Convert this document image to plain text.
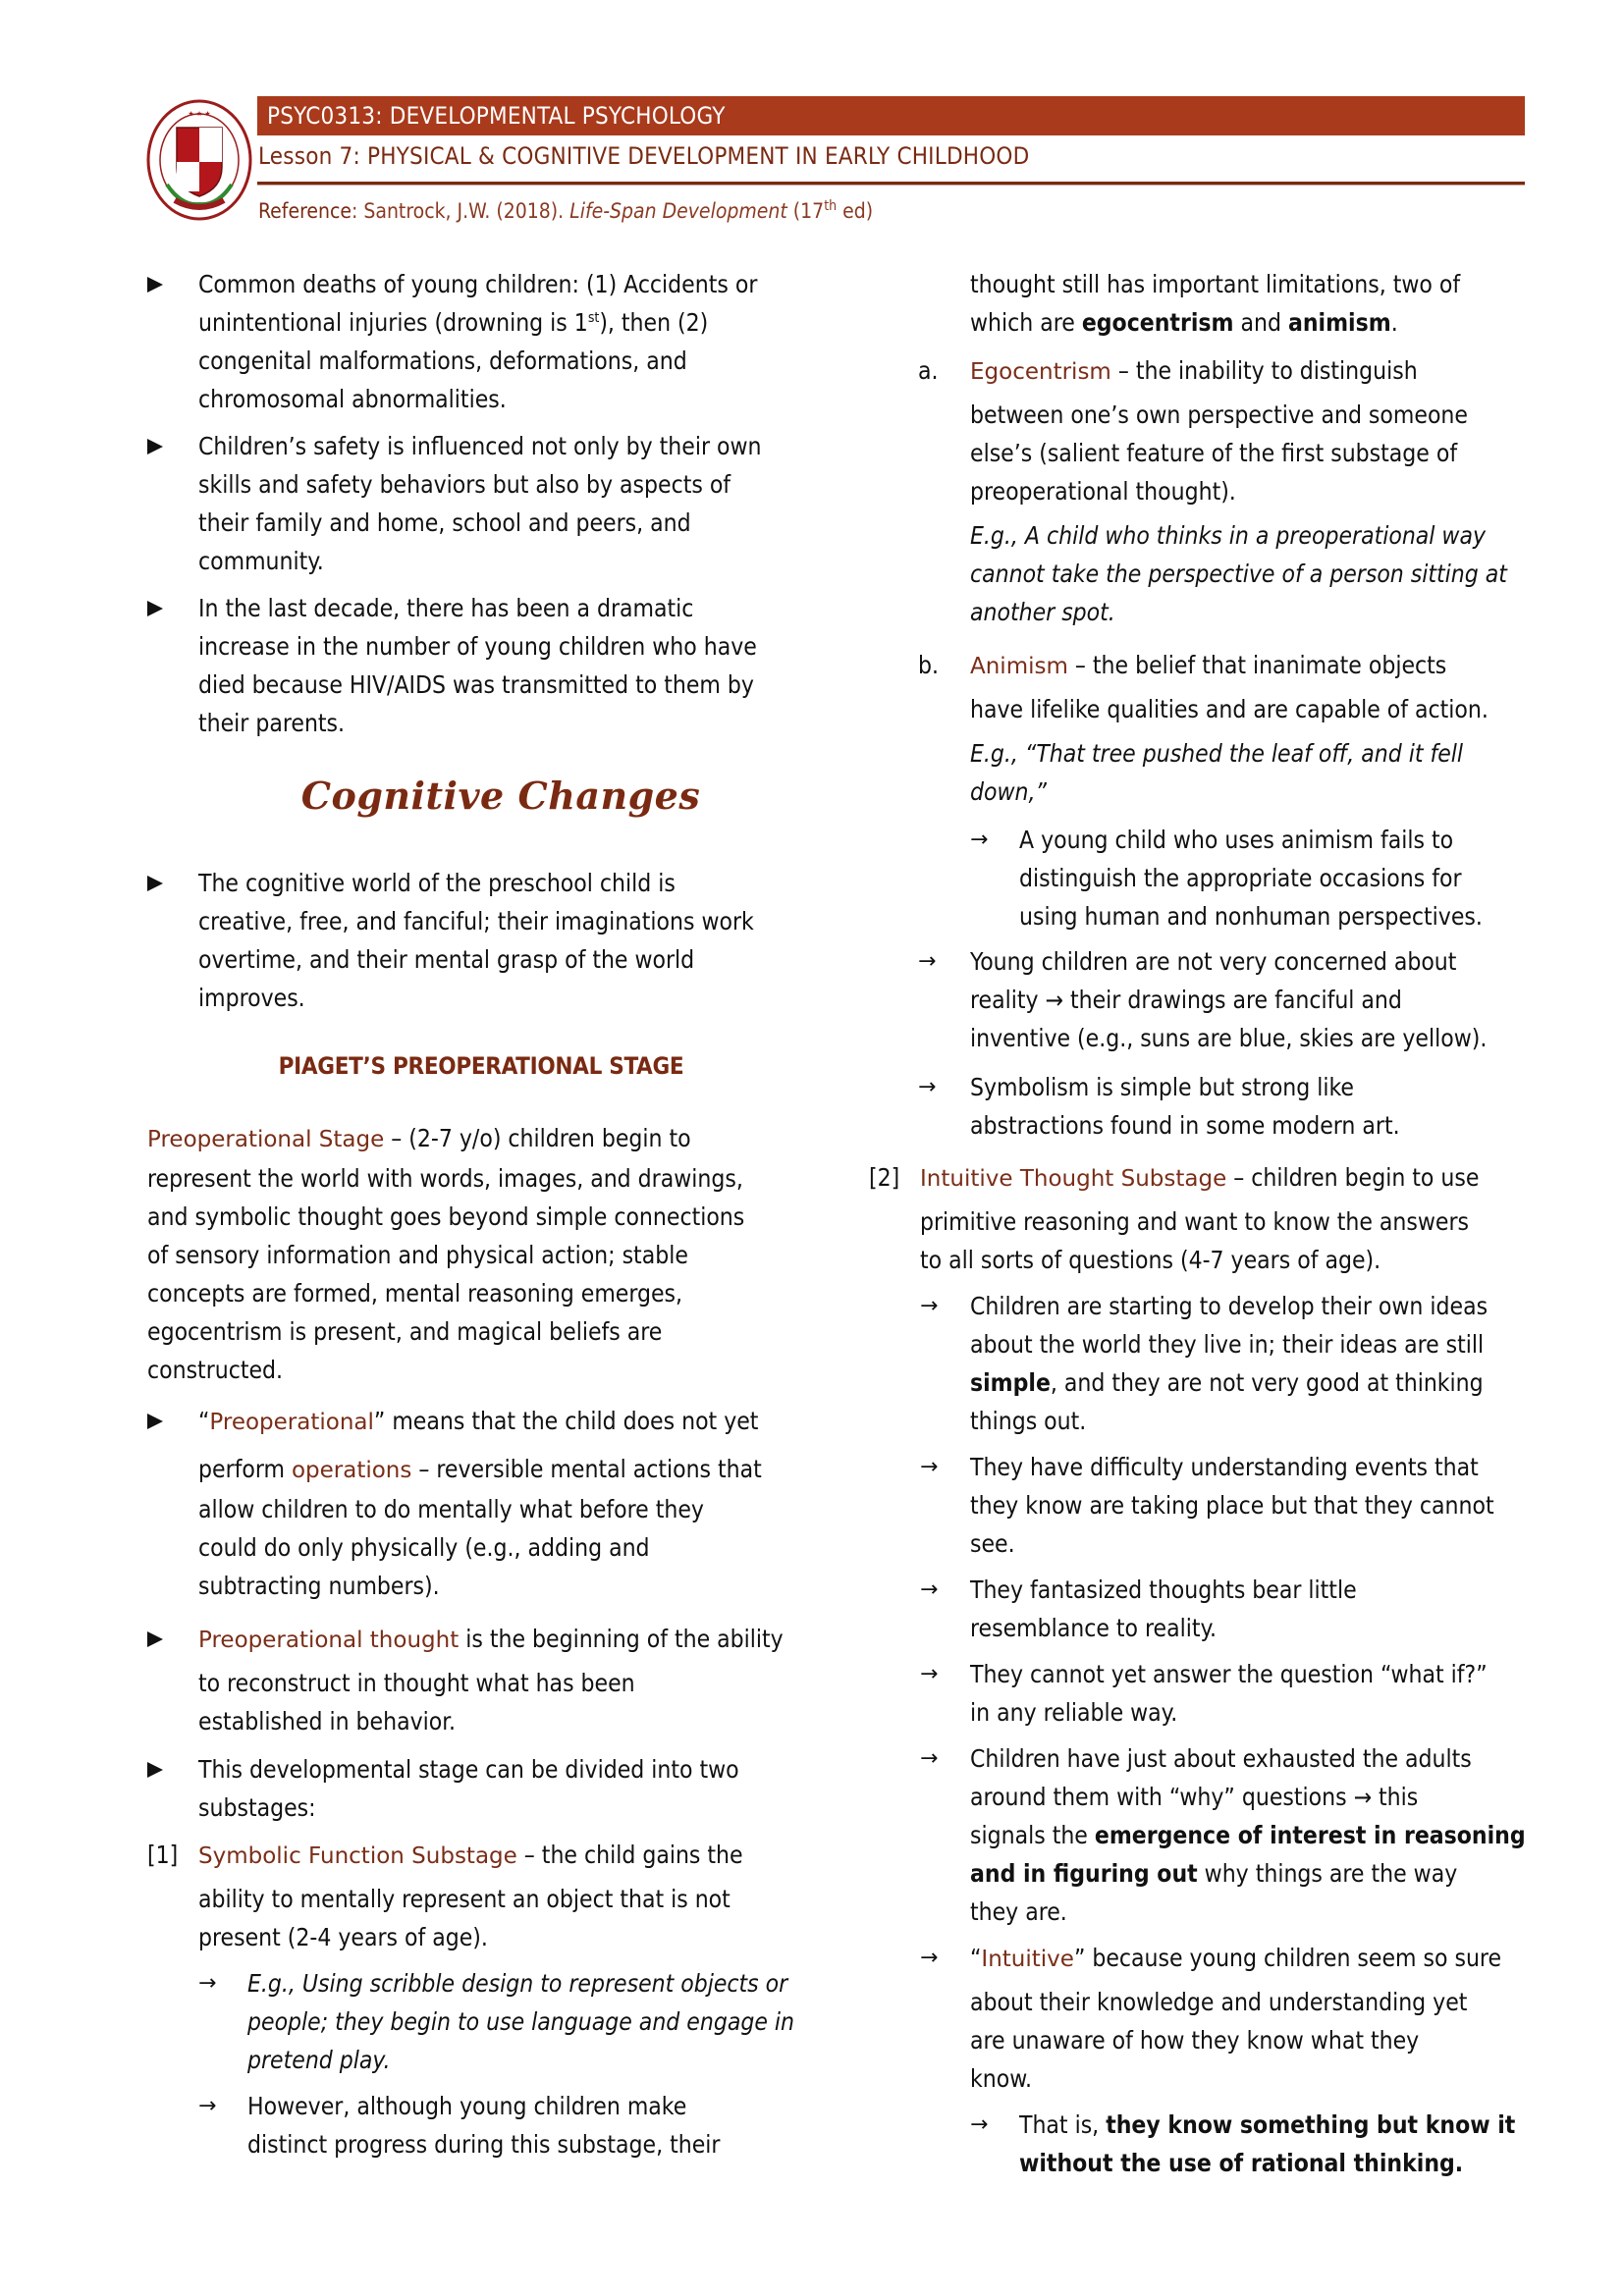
★ ★ ★	PSYC0313: DEVELOPMENTAL PSYCHOLOGY
Lesson 7: PHYSICAL & COGNITIVE DEVELOPMENT IN EARLY CHILDHOOD
Reference: Santrock, J.W. (2018). Life-Span Development (17th ed)
Common deaths of young children: (1) Accidents or
unintentional injuries (drowning is 1st), then (2)
congenital malformations, deformations, and
chromosomal abnormalities.
Children’s safety is influenced not only by their own
skills and safety behaviors but also by aspects of
their family and home, school and peers, and
community.
In the last decade, there has been a dramatic
increase in the number of young children who have
died because HIV/AIDS was transmitted to them by
their parents.
The cognitive world of the preschool child is
creative, free, and fanciful; their imaginations work
overtime, and their mental grasp of the world
improves.
Preoperational Stage – (2-7 y/o) children begin to
represent the world with words, images, and drawings,
and symbolic thought goes beyond simple connections
of sensory information and physical action; stable
concepts are formed, mental reasoning emerges,
egocentrism is present, and magical beliefs are
constructed.
“Preoperational” means that the child does not yet
perform operations – reversible mental actions that
allow children to do mentally what before they
could do only physically (e.g., adding and
subtracting numbers).
Preoperational thought is the beginning of the ability
to reconstruct in thought what has been
established in behavior.
This developmental stage can be divided into two
substages:
[1] Symbolic Function Substage – the child gains the
ability to mentally represent an object that is not
present (2-4 years of age).
→ E.g., Using scribble design to represent objects or
people; they begin to use language and engage in
pretend play.
→ However, although young children make
distinct progress during this substage, their
Cognitive Changes
PIAGET’S PREOPERATIONAL STAGE
thought still has important limitations, two of
which are egocentrism and animism.
a. Egocentrism – the inability to distinguish
between one’s own perspective and someone
else’s (salient feature of the first substage of
preoperational thought).
E.g., A child who thinks in a preoperational way
cannot take the perspective of a person sitting at
another spot.
b. Animism – the belief that inanimate objects
have lifelike qualities and are capable of action.
E.g., “That tree pushed the leaf off, and it fell
down,”
→ A young child who uses animism fails to
distinguish the appropriate occasions for
using human and nonhuman perspectives.
→ Young children are not very concerned about
reality → their drawings are fanciful and
inventive (e.g., suns are blue, skies are yellow).
→ Symbolism is simple but strong like
abstractions found in some modern art.
[2] Intuitive Thought Substage – children begin to use
primitive reasoning and want to know the answers
to all sorts of questions (4-7 years of age).
→ Children are starting to develop their own ideas
about the world they live in; their ideas are still
simple, and they are not very good at thinking
things out.
→ They have difficulty understanding events that
they know are taking place but that they cannot
see.
→ They fantasized thoughts bear little
resemblance to reality.
→ They cannot yet answer the question “what if?”
in any reliable way.
→ Children have just about exhausted the adults
around them with “why” questions → this
signals the emergence of interest in reasoning
and in figuring out why things are the way
they are.
→ “Intuitive” because young children seem so sure
about their knowledge and understanding yet
are unaware of how they know what they
know.
→ That is, they know something but know it
without the use of rational thinking.
